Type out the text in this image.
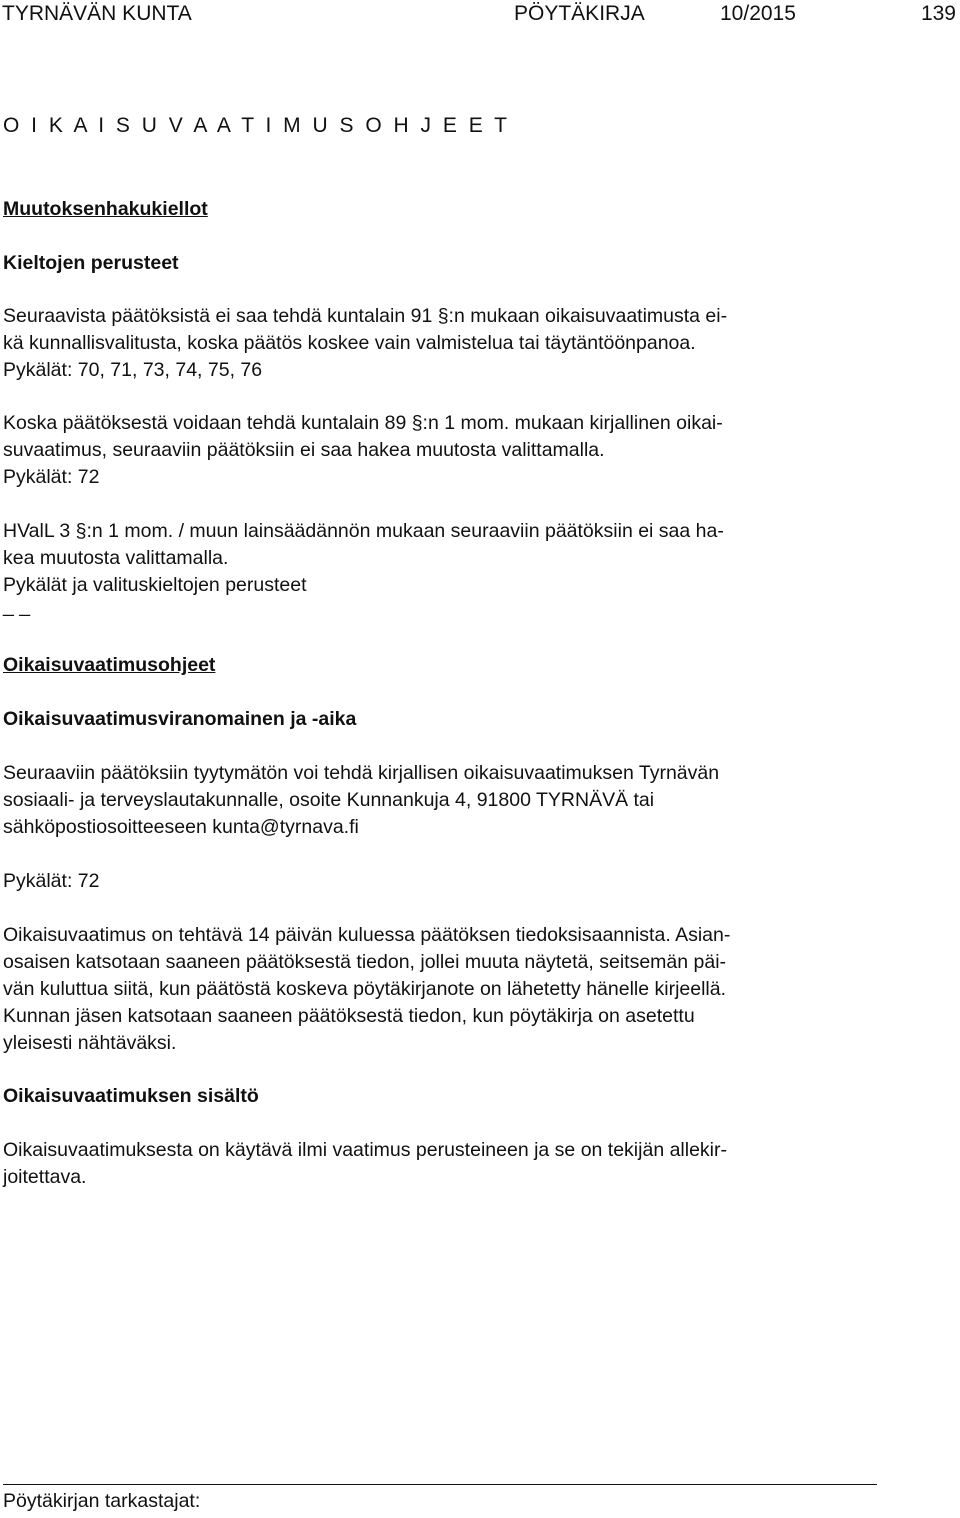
TYRNÄVÄN KUNTA	PÖYTÄKIRJA	10/2015	139
O I K A I S U V A A T I M U S O H J E E T
Muutoksenhakukiellot
Kieltojen perusteet
Seuraavista päätöksistä ei saa tehdä kuntalain 91 §:n mukaan oikaisuvaatimusta ei-
kä kunnallisvalitusta, koska päätös koskee vain valmistelua tai täytäntöönpanoa.
Pykälät: 70, 71, 73, 74, 75, 76
Koska päätöksestä voidaan tehdä kuntalain 89 §:n 1 mom. mukaan kirjallinen oikai-
suvaatimus, seuraaviin päätöksiin ei saa hakea muutosta valittamalla.
Pykälät: 72
HValL 3 §:n 1 mom. / muun lainsäädännön mukaan seuraaviin päätöksiin ei saa ha-
kea muutosta valittamalla.
Pykälät ja valituskieltojen perusteet
_ _
Oikaisuvaatimusohjeet
Oikaisuvaatimusviranomainen ja -aika
Seuraaviin päätöksiin tyytymätön voi tehdä kirjallisen oikaisuvaatimuksen Tyrnävän
sosiaali- ja terveyslautakunnalle, osoite Kunnankuja 4, 91800 TYRNÄVÄ tai
sähköpostiosoitteeseen kunta@tyrnava.fi
Pykälät: 72
Oikaisuvaatimus on tehtävä 14 päivän kuluessa päätöksen tiedoksisaannista. Asian-
osaisen katsotaan saaneen päätöksestä tiedon, jollei muuta näytetä, seitsemän päi-
vän kuluttua siitä, kun päätöstä koskeva pöytäkirjanote on lähetetty hänelle kirjeellä.
Kunnan jäsen katsotaan saaneen päätöksestä tiedon, kun pöytäkirja on asetettu
yleisesti nähtäväksi.
Oikaisuvaatimuksen sisältö
Oikaisuvaatimuksesta on käytävä ilmi vaatimus perusteineen ja se on tekijän allekir-
joitettava.
Pöytäkirjan tarkastajat:
